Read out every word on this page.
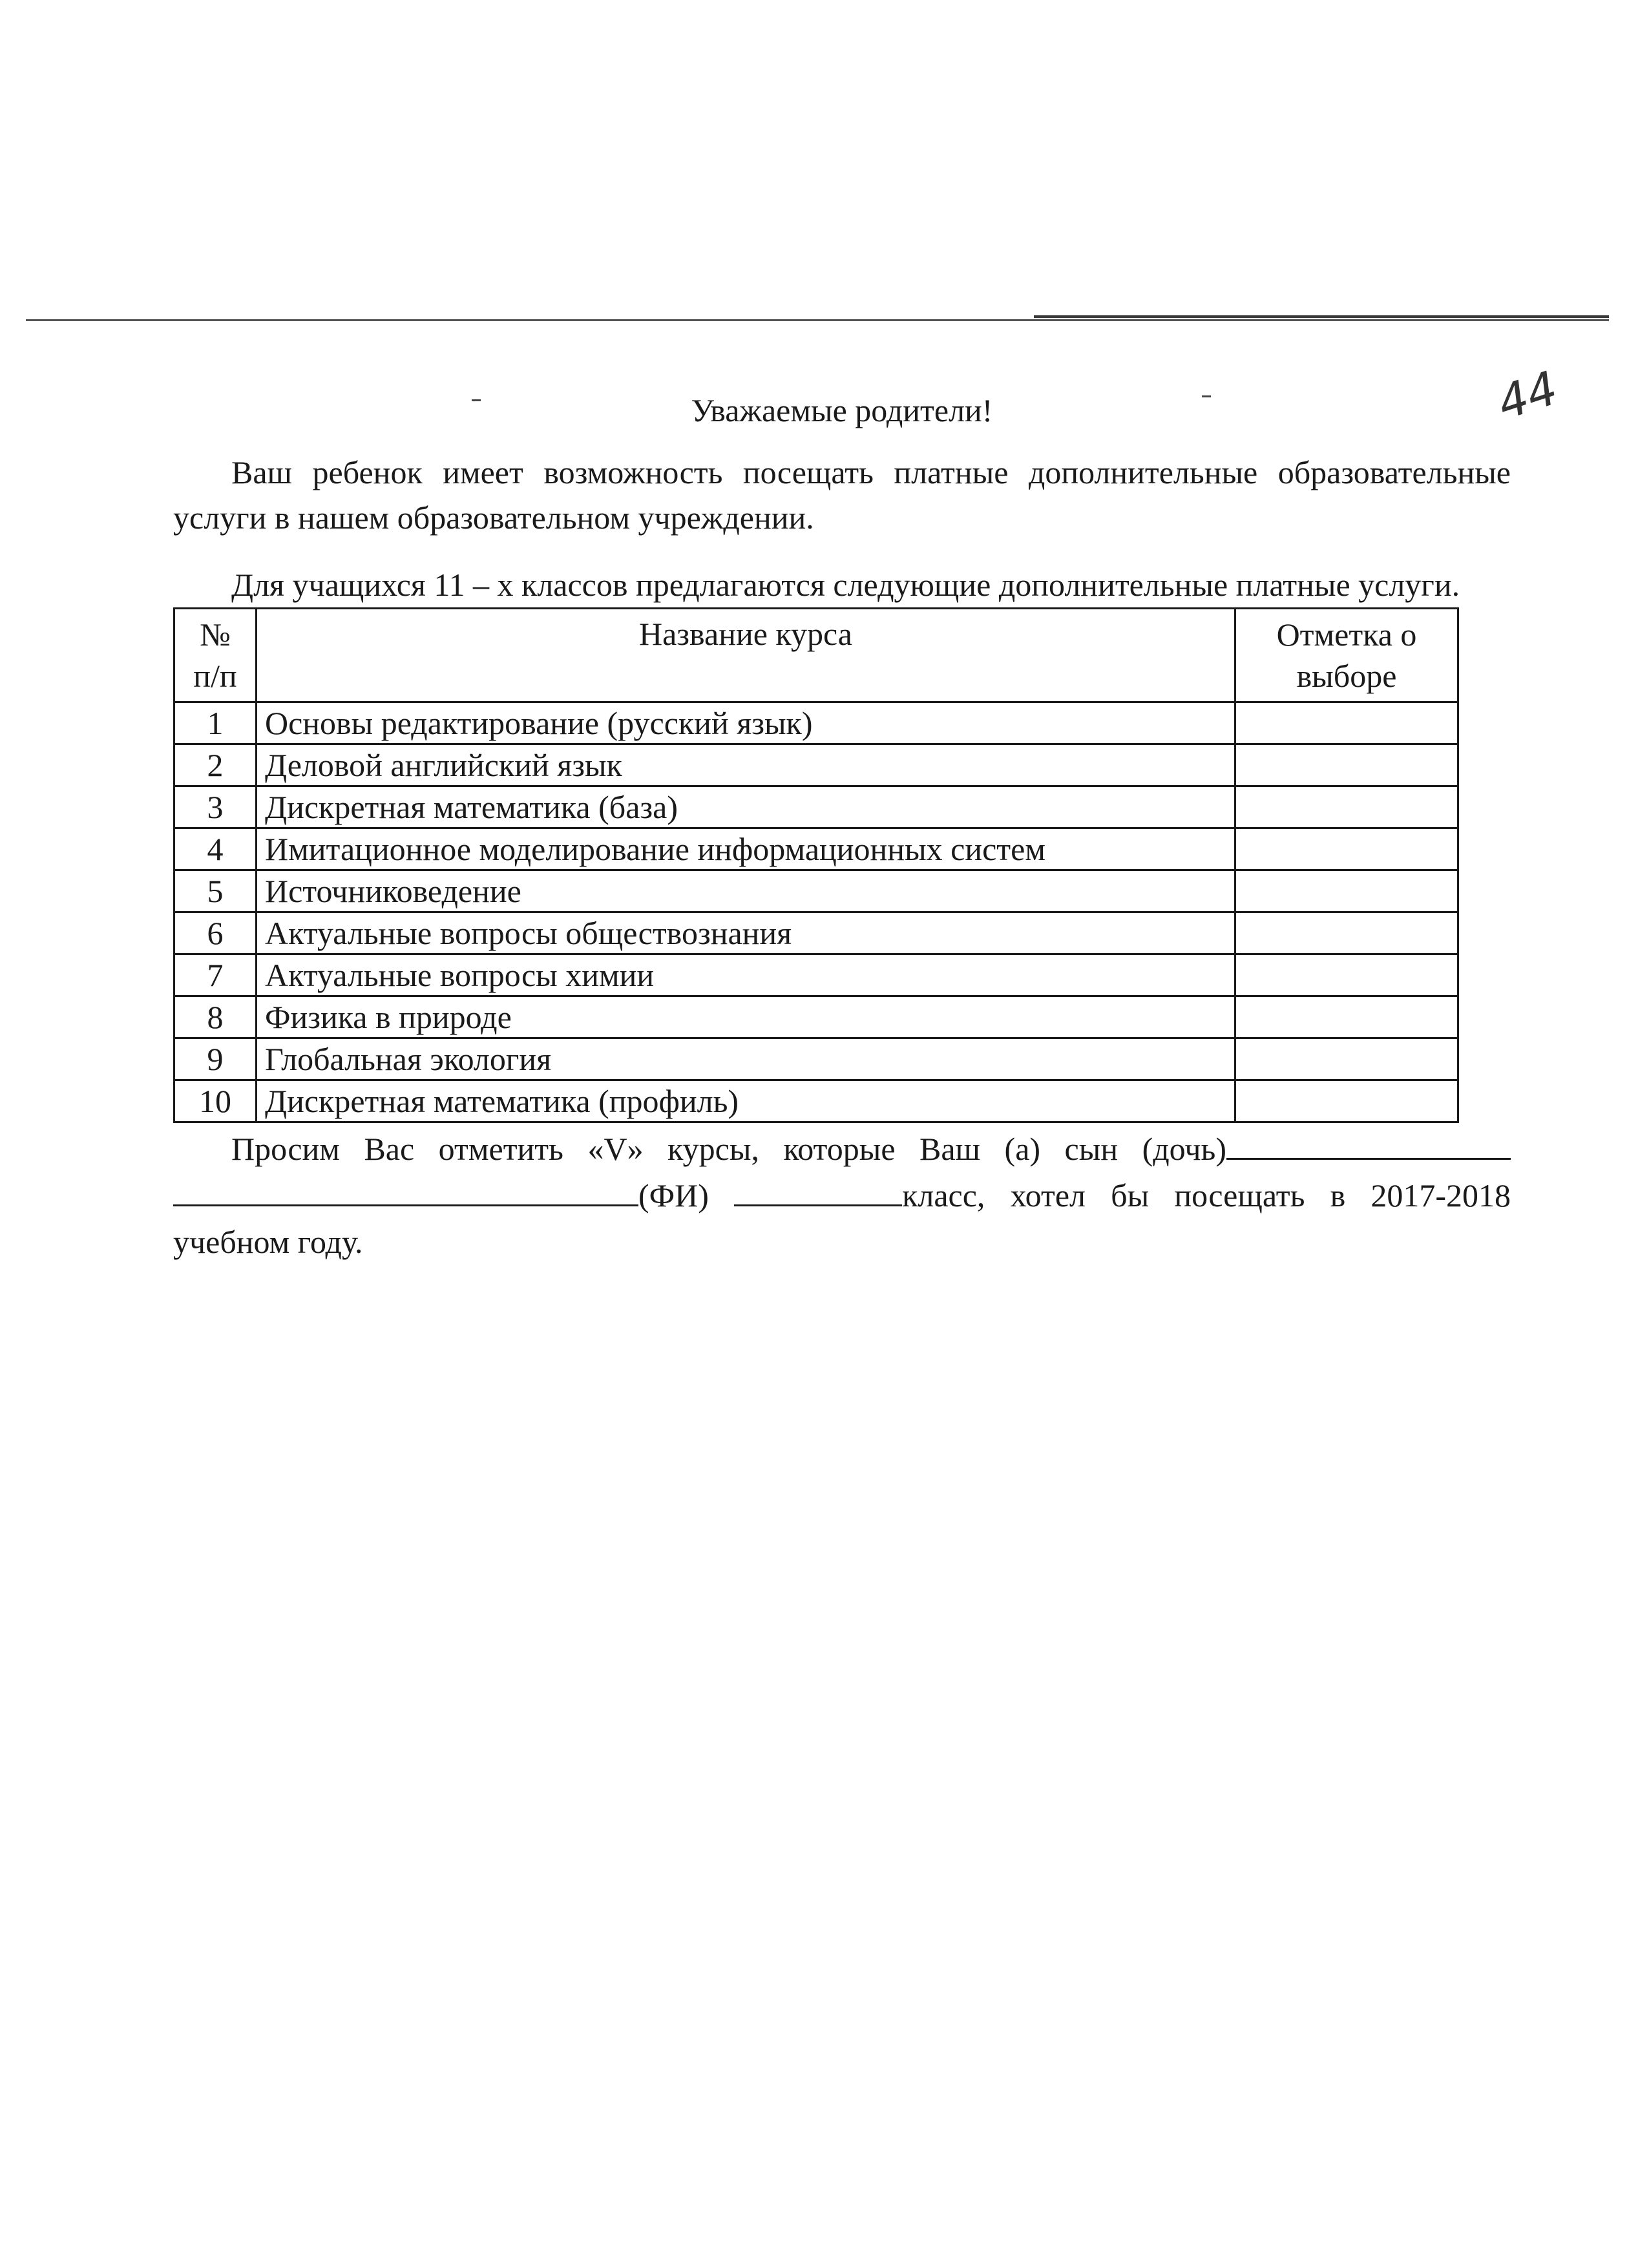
44
Уважаемые родители!

Ваш ребенок имеет возможность посещать платные дополнительные образовательные услуги в нашем образовательном учреждении.

Для учащихся 11 – х классов предлагаются следующие дополнительные платные услуги.

№ п/п	Название курса	Отметка о выборе
1	Основы редактирование (русский язык)	
2	Деловой английский язык	
3	Дискретная математика (база)	
4	Имитационное моделирование информационных систем	
5	Источниковедение	
6	Актуальные вопросы обществознания	
7	Актуальные вопросы химии	
8	Физика в природе	
9	Глобальная экология	
10	Дискретная математика (профиль)	

Просим Вас отметить «V» курсы, которые Ваш (а) сын (дочь) (ФИ)	класс, хотел бы посещать в 2017-2018 учебном году.
